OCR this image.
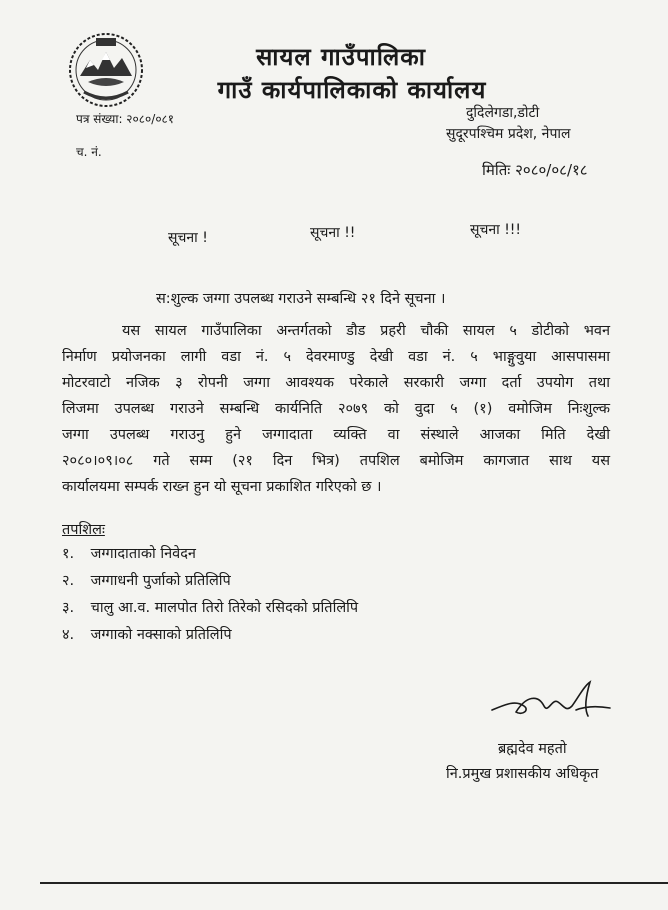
सायल गाउँपालिका
गाउँ कार्यपालिकाको कार्यालय
पत्र संख्या: २०८०/०८१	दुदिलेगडा,डोटी
सुदूरपश्चिम प्रदेश, नेपाल
च. नं.
मितिः २०८०/०८/१८
सूचना !	सूचना !!	सूचना !!!
स:शुल्क जग्गा उपलब्ध गराउने सम्बन्धि २१ दिने सूचना ।
यस सायल गाउँपालिका अन्तर्गतको डौड प्रहरी चौकी सायल ५ डोटीको भवन
निर्माण प्रयोजनका लागी वडा नं. ५ देवरमाण्डु देखी वडा नं. ५ भाङ्गुवुया आसपासमा
मोटरवाटो नजिक ३ रोपनी जग्गा आवश्यक परेकाले सरकारी जग्गा दर्ता उपयोग तथा
लिजमा उपलब्ध गराउने सम्बन्धि कार्यनिति २०७९ को वुदा ५ (१) वमोजिम निःशुल्क
जग्गा उपलब्ध गराउनु हुने जग्गादाता व्यक्ति वा संस्थाले आजका मिति देखी
२०८०।०९।०८ गते सम्म (२१ दिन भित्र) तपशिल बमोजिम कागजात साथ यस
कार्यालयमा सम्पर्क राख्न हुन यो सूचना प्रकाशित गरिएको छ ।
तपशिलः
१. जग्गादाताको निवेदन
२. जग्गाधनी पुर्जाको प्रतिलिपि
३. चालु आ.व. मालपोत तिरो तिरेको रसिदको प्रतिलिपि
४. जग्गाको नक्साको प्रतिलिपि
ब्रह्मदेव महतो
नि.प्रमुख प्रशासकीय अधिकृत
